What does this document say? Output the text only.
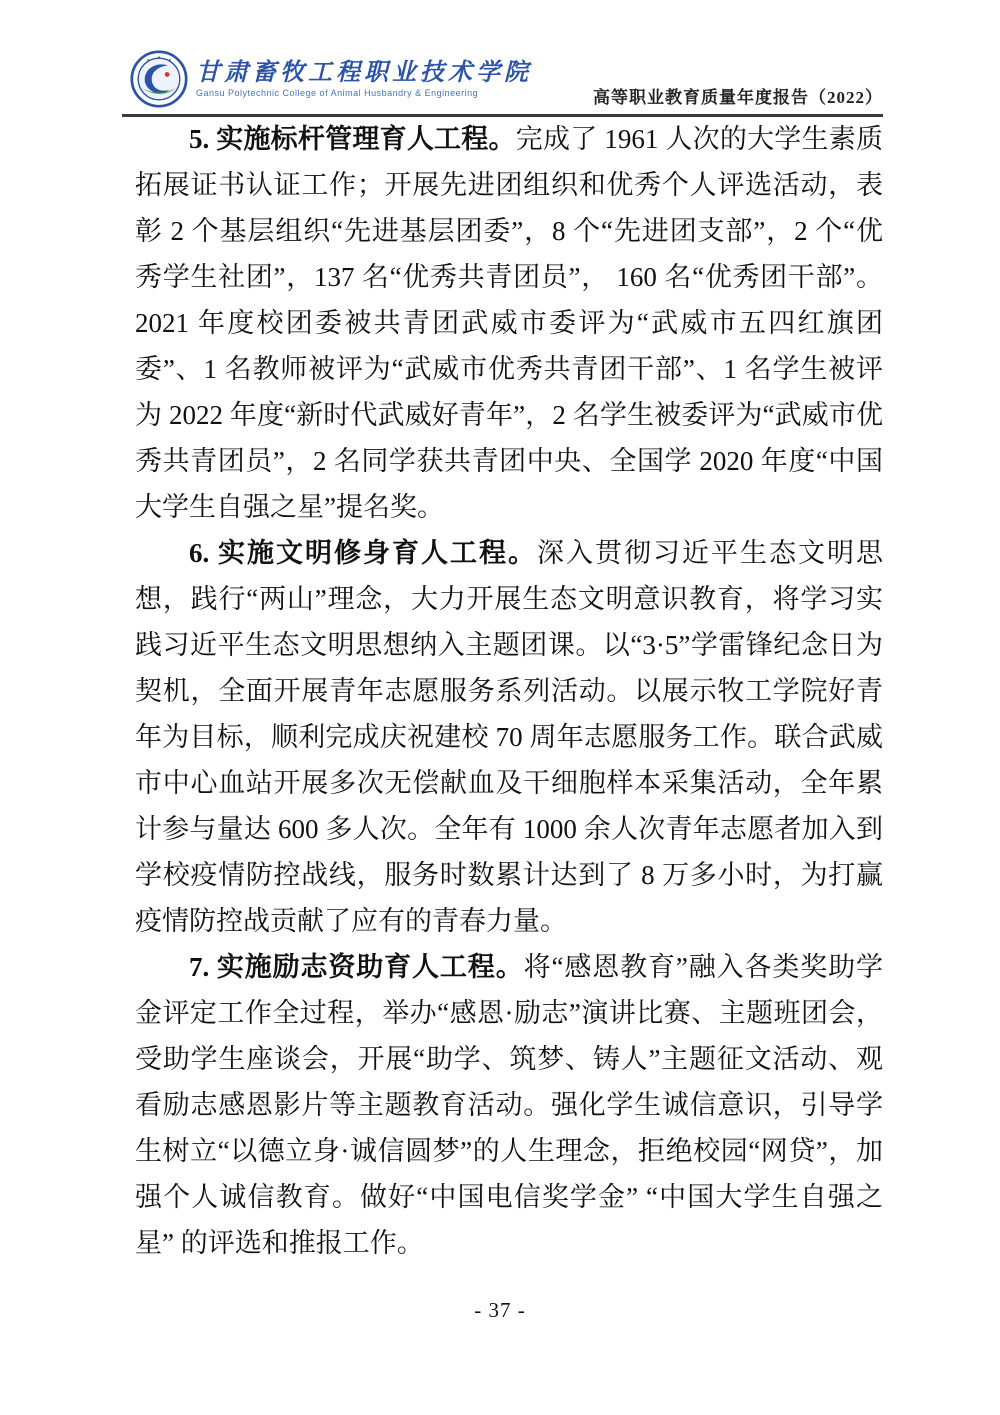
甘肃畜牧工程职业技术学院
Gansu Polytechnic College of Animal Husbandry & Engineering	高等职业教育质量年度报告（2022）

5. 实施标杆管理育人工程。完成了 1961 人次的大学生素质拓展证书认证工作；开展先进团组织和优秀个人评选活动，表彰 2 个基层组织“先进基层团委”，8 个“先进团支部”，2 个“优秀学生社团”，137 名“优秀共青团员”， 160 名“优秀团干部”。2021 年度校团委被共青团武威市委评为“武威市五四红旗团委”、1 名教师被评为“武威市优秀共青团干部”、1 名学生被评为 2022 年度“新时代武威好青年”，2 名学生被委评为“武威市优秀共青团员”，2 名同学获共青团中央、全国学 2020 年度“中国大学生自强之星”提名奖。

6. 实施文明修身育人工程。深入贯彻习近平生态文明思想，践行“两山”理念，大力开展生态文明意识教育，将学习实践习近平生态文明思想纳入主题团课。以“3·5”学雷锋纪念日为契机，全面开展青年志愿服务系列活动。以展示牧工学院好青年为目标，顺利完成庆祝建校 70 周年志愿服务工作。联合武威市中心血站开展多次无偿献血及干细胞样本采集活动，全年累计参与量达 600 多人次。全年有 1000 余人次青年志愿者加入到学校疫情防控战线，服务时数累计达到了 8 万多小时，为打赢疫情防控战贡献了应有的青春力量。

7. 实施励志资助育人工程。将“感恩教育”融入各类奖助学金评定工作全过程，举办“感恩·励志”演讲比赛、主题班团会，受助学生座谈会，开展“助学、筑梦、铸人”主题征文活动、观看励志感恩影片等主题教育活动。强化学生诚信意识，引导学生树立“以德立身·诚信圆梦”的人生理念，拒绝校园“网贷”，加强个人诚信教育。做好“中国电信奖学金” “中国大学生自强之星” 的评选和推报工作。

- 37 -
